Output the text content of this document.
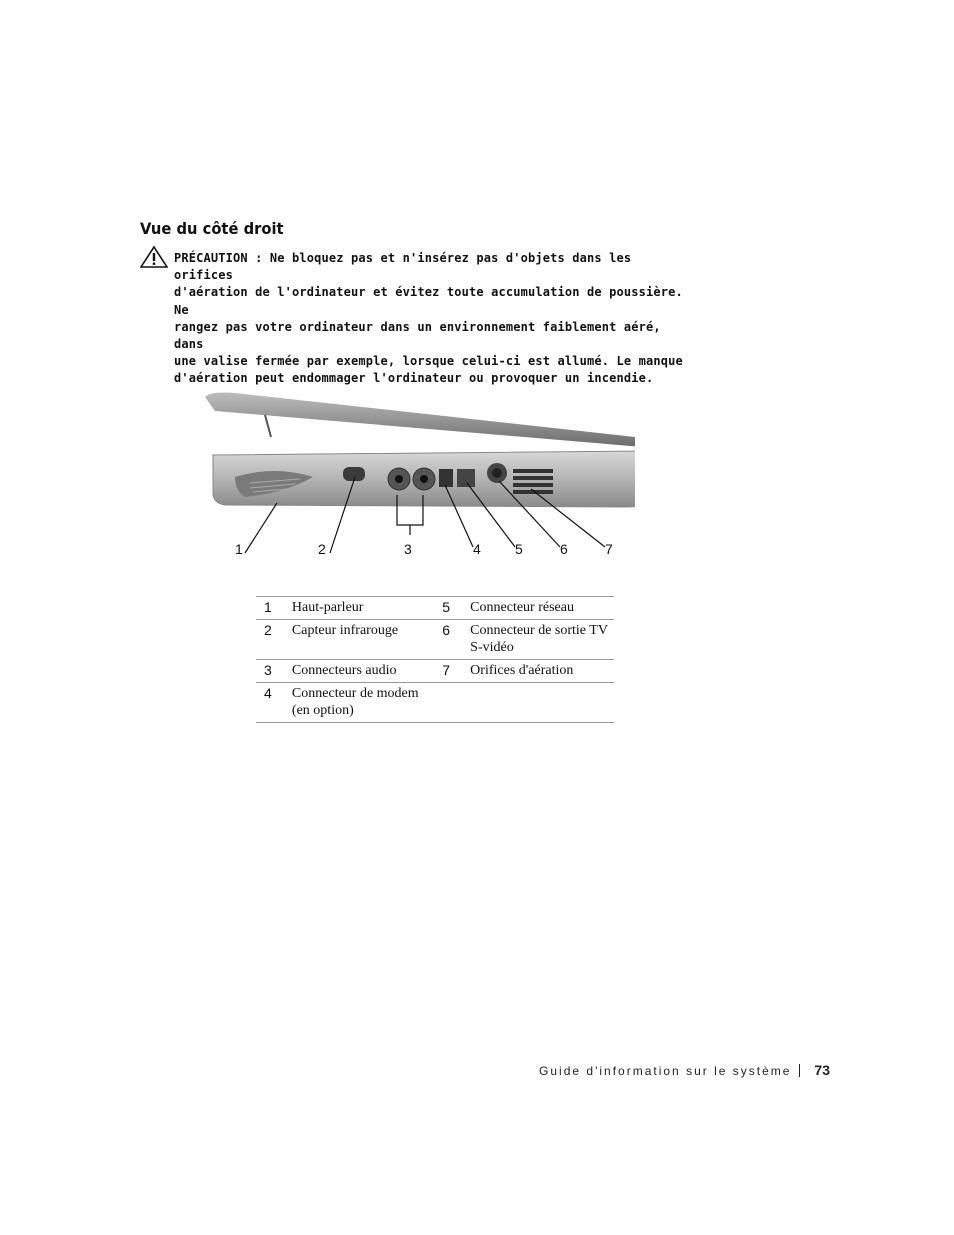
Vue du côté droit
PRÉCAUTION : Ne bloquez pas et n'insérez pas d'objets dans les orifices
d'aération de l'ordinateur et évitez toute accumulation de poussière. Ne
rangez pas votre ordinateur dans un environnement faiblement aéré, dans
une valise fermée par exemple, lorsque celui-ci est allumé. Le manque
d'aération peut endommager l'ordinateur ou provoquer un incendie.
1	2	3	4 5	6	7
1	Haut-parleur	5	Connecteur réseau
2	Capteur infrarouge	6	Connecteur de sortie TV S-vidéo
3	Connecteurs audio	7	Orifices d'aération
4	Connecteur de modem (en option)		
Guide d'information sur le système 73
